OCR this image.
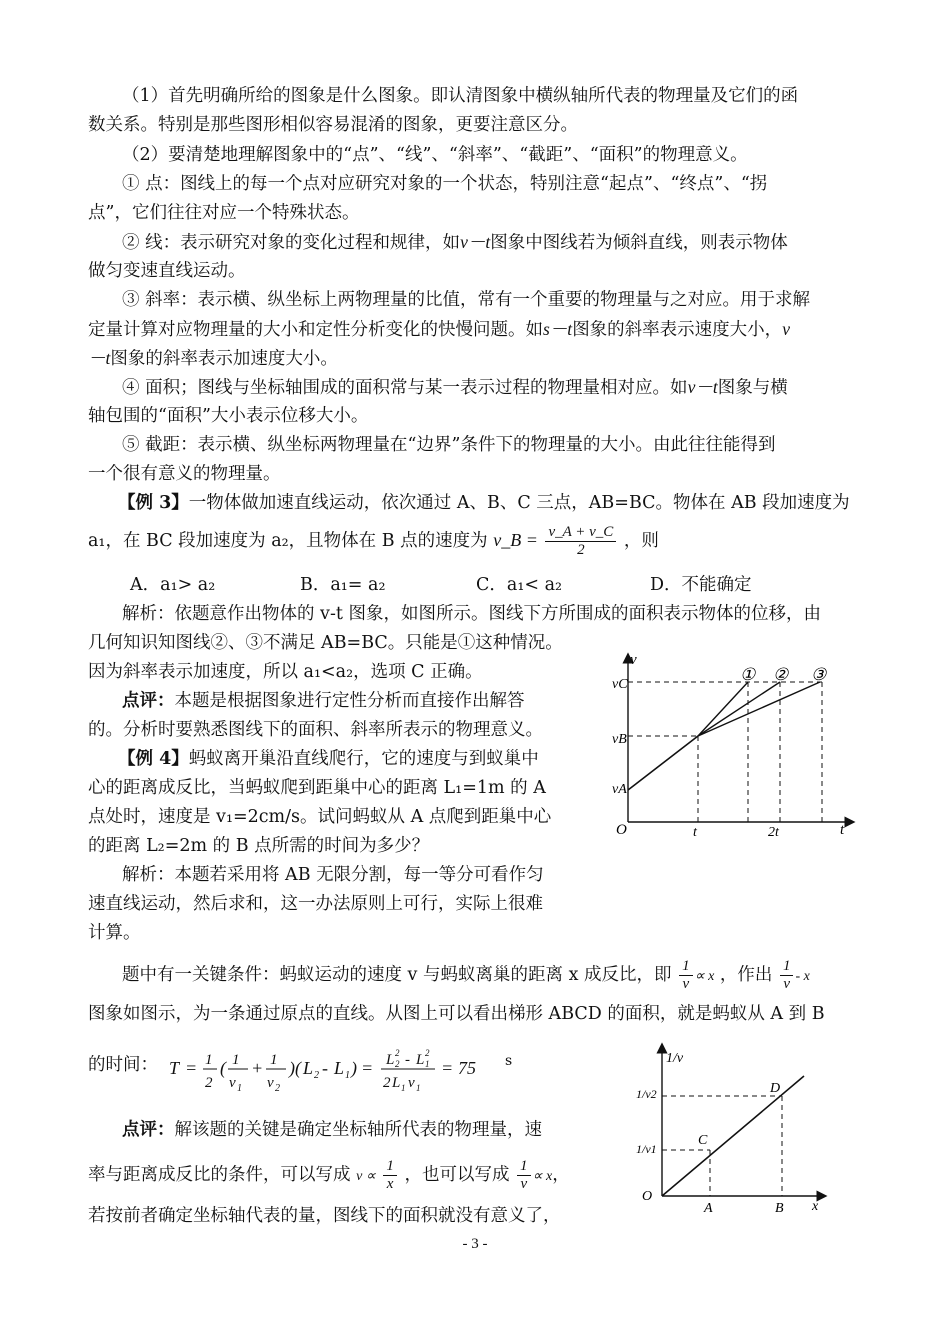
（1）首先明确所给的图象是什么图象。即认清图象中横纵轴所代表的物理量及它们的函
数关系。特别是那些图形相似容易混淆的图象，更要注意区分。
（2）要清楚地理解图象中的“点”、“线”、“斜率”、“截距”、“面积”的物理意义。
① 点：图线上的每一个点对应研究对象的一个状态，特别注意“起点”、“终点”、“拐
点”，它们往往对应一个特殊状态。
② 线：表示研究对象的变化过程和规律，如v－t图象中图线若为倾斜直线，则表示物体
做匀变速直线运动。
③ 斜率：表示横、纵坐标上两物理量的比值，常有一个重要的物理量与之对应。用于求解
定量计算对应物理量的大小和定性分析变化的快慢问题。如s－t图象的斜率表示速度大小，v
－t图象的斜率表示加速度大小。
④ 面积；图线与坐标轴围成的面积常与某一表示过程的物理量相对应。如v－t图象与横
轴包围的“面积”大小表示位移大小。
⑤ 截距：表示横、纵坐标两物理量在“边界”条件下的物理量的大小。由此往往能得到
一个很有意义的物理量。
【例 3】一物体做加速直线运动，依次通过 A、B、C 三点，AB=BC。物体在 AB 段加速度为
a₁，在 BC 段加速度为 a₂，且物体在 B 点的速度为 v_B = $\frac{v\_A + v\_C}{2}$ ，则
A．a₁> a₂	B．a₁= a₂	C．a₁< a₂	D．不能确定
解析：依题意作出物体的 v-t 图象，如图所示。图线下方所围成的面积表示物体的位移，由
几何知识知图线②、③不满足 AB=BC。只能是①这种情况。
因为斜率表示加速度，所以 a₁<a₂，选项 C 正确。
点评：本题是根据图象进行定性分析而直接作出解答
的。分析时要熟悉图线下的面积、斜率所表示的物理意义。
【例 4】蚂蚁离开巢沿直线爬行，它的速度与到蚁巢中
心的距离成反比，当蚂蚁爬到距巢中心的距离 L₁=1m 的 A
点处时，速度是 v₁=2cm/s。试问蚂蚁从 A 点爬到距巢中心
的距离 L₂=2m 的 B 点所需的时间为多少？
解析：本题若采用将 AB 无限分割，每一等分可看作匀
速直线运动，然后求和，这一办法原则上可行，实际上很难
计算。
题中有一关键条件：蚂蚁运动的速度 v 与蚂蚁离巢的距离 x 成反比，即 $\frac{1}{v} \propto x$ ，作出 $\frac{1}{v}$ - x
图象如图示，为一条通过原点的直线。从图上可以看出梯形 ABCD 的面积，就是蚂蚁从 A 到 B
的时间： T = 1
2
( 1
v 1
+ 1
v 2
)( L 2 - L 1 ) = L 2
2 - L 2
1
2 L 1 v 1
= 75 s
点评：解该题的关键是确定坐标轴所代表的物理量，速
率与距离成反比的条件，可以写成 $v \propto \frac{1}{x}$ ，也可以写成 $\frac{1}{v} \propto x$，
若按前者确定坐标轴代表的量，图线下的面积就没有意义了，
v
t
O
vA
vB
vC
t	2t
① ② ③
1/v
x
O
1/v1
1/v2
A	B
C
D
- 3 -
